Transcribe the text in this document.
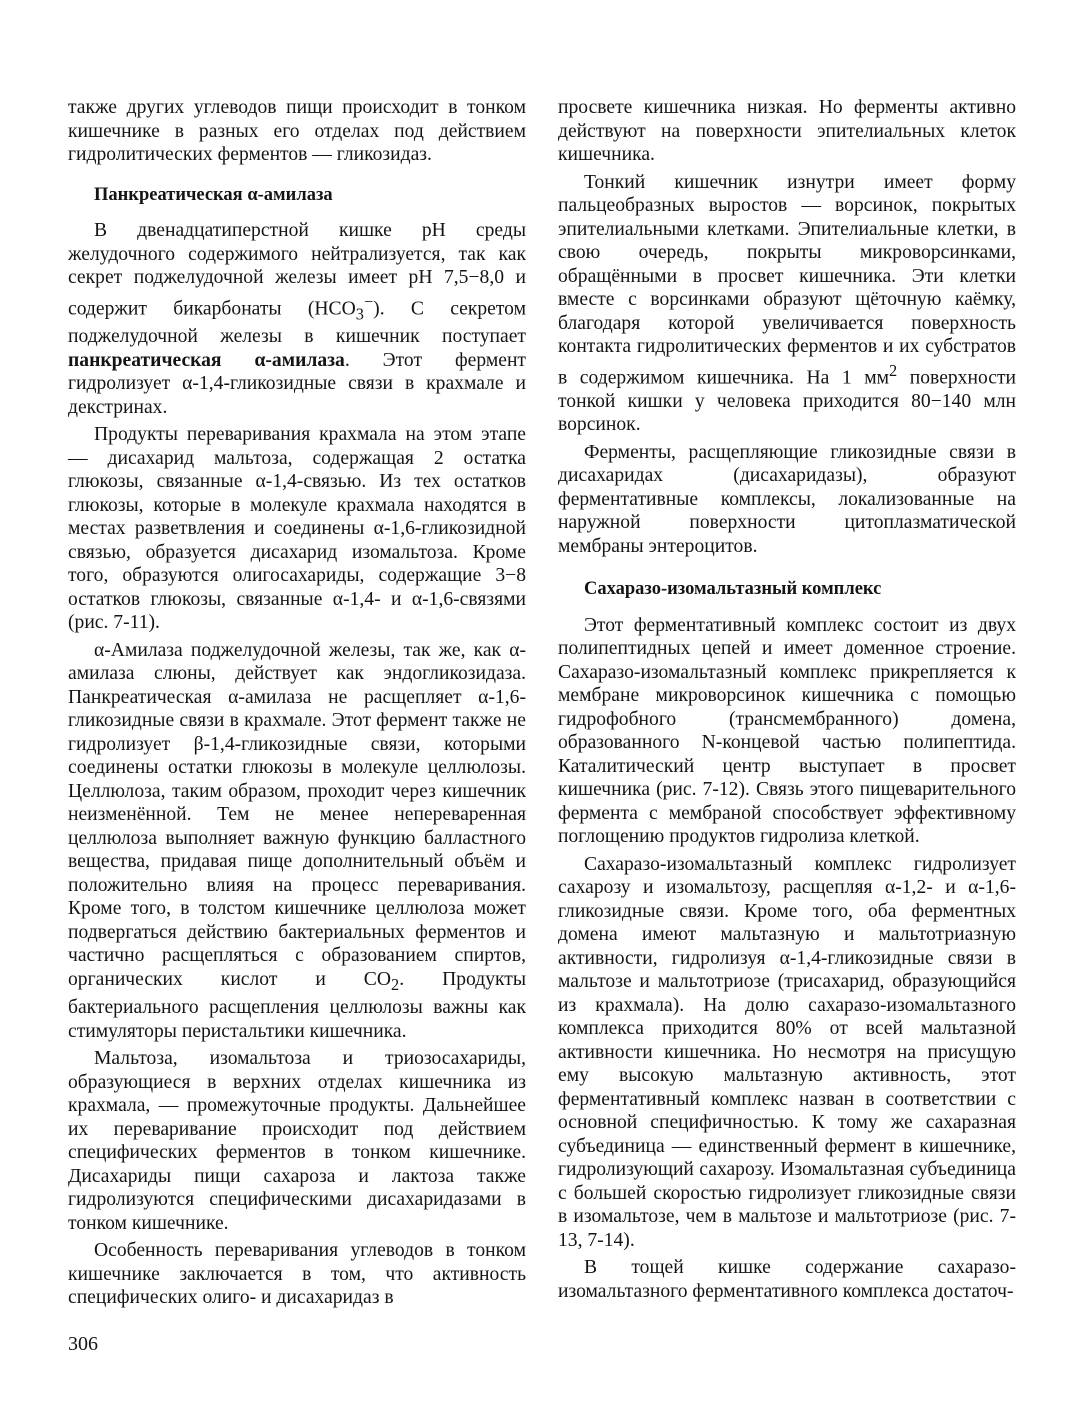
также других углеводов пищи происходит в тонком кишечнике в разных его отделах под действием гидролитических ферментов — гликозидаз.

Панкреатическая α-амилаза

В двенадцатиперстной кишке рН среды желудочного содержимого нейтрализуется, так как секрет поджелудочной железы имеет рН 7,5−8,0 и содержит бикарбонаты $(HCO_3^-)$. С секретом поджелудочной железы в кишечник поступает панкреатическая α-амилаза. Этот фермент гидролизует α-1,4-гликозидные связи в крахмале и декстринах.

Продукты переваривания крахмала на этом этапе — дисахарид мальтоза, содержащая 2 остатка глюкозы, связанные α-1,4-связью. Из тех остатков глюкозы, которые в молекуле крахмала находятся в местах разветвления и соединены α-1,6-гликозидной связью, образуется дисахарид изомальтоза. Кроме того, образуются олигосахариды, содержащие 3−8 остатков глюкозы, связанные α-1,4- и α-1,6-связями (рис. 7-11).

α-Амилаза поджелудочной железы, так же, как α-амилаза слюны, действует как эндогликозидаза. Панкреатическая α-амилаза не расщепляет α-1,6-гликозидные связи в крахмале. Этот фермент также не гидролизует β-1,4-гликозидные связи, которыми соединены остатки глюкозы в молекуле целлюлозы. Целлюлоза, таким образом, проходит через кишечник неизменённой. Тем не менее непереваренная целлюлоза выполняет важную функцию балластного вещества, придавая пище дополнительный объём и положительно влияя на процесс переваривания. Кроме того, в толстом кишечнике целлюлоза может подвергаться действию бактериальных ферментов и частично расщепляться с образованием спиртов, органических кислот и $CO_2$. Продукты бактериального расщепления целлюлозы важны как стимуляторы перистальтики кишечника.

Мальтоза, изомальтоза и триозосахариды, образующиеся в верхних отделах кишечника из крахмала, — промежуточные продукты. Дальнейшее их переваривание происходит под действием специфических ферментов в тонком кишечнике. Дисахариды пищи сахароза и лактоза также гидролизуются специфическими дисахаридазами в тонком кишечнике.

Особенность переваривания углеводов в тонком кишечнике заключается в том, что активность специфических олиго- и дисахаридаз в

просвете кишечника низкая. Но ферменты активно действуют на поверхности эпителиальных клеток кишечника.

Тонкий кишечник изнутри имеет форму пальцеобразных выростов — ворсинок, покрытых эпителиальными клетками. Эпителиальные клетки, в свою очередь, покрыты микроворсинками, обращёнными в просвет кишечника. Эти клетки вместе с ворсинками образуют щёточную каёмку, благодаря которой увеличивается поверхность контакта гидролитических ферментов и их субстратов в содержимом кишечника. На 1 $мм^2$ поверхности тонкой кишки у человека приходится 80−140 млн ворсинок.

Ферменты, расщепляющие гликозидные связи в дисахаридах (дисахаридазы), образуют ферментативные комплексы, локализованные на наружной поверхности цитоплазматической мембраны энтероцитов.

Сахаразо-изомальтазный комплекс

Этот ферментативный комплекс состоит из двух полипептидных цепей и имеет доменное строение. Сахаразо-изомальтазный комплекс прикрепляется к мембране микроворсинок кишечника с помощью гидрофобного (трансмембранного) домена, образованного N-концевой частью полипептида. Каталитический центр выступает в просвет кишечника (рис. 7-12). Связь этого пищеварительного фермента с мембраной способствует эффективному поглощению продуктов гидролиза клеткой.

Сахаразо-изомальтазный комплекс гидролизует сахарозу и изомальтозу, расщепляя α-1,2- и α-1,6-гликозидные связи. Кроме того, оба ферментных домена имеют мальтазную и мальтотриазную активности, гидролизуя α-1,4-гликозидные связи в мальтозе и мальтотриозе (трисахарид, образующийся из крахмала). На долю сахаразо-изомальтазного комплекса приходится 80% от всей мальтазной активности кишечника. Но несмотря на присущую ему высокую мальтазную активность, этот ферментативный комплекс назван в соответствии с основной специфичностью. К тому же сахаразная субъединица — единственный фермент в кишечнике, гидролизующий сахарозу. Изомальтазная субъединица с большей скоростью гидролизует гликозидные связи в изомальтозе, чем в мальтозе и мальтотриозе (рис. 7-13, 7-14).

В тощей кишке содержание сахаразо-изомальтазного ферментативного комплекса достаточ-

306
